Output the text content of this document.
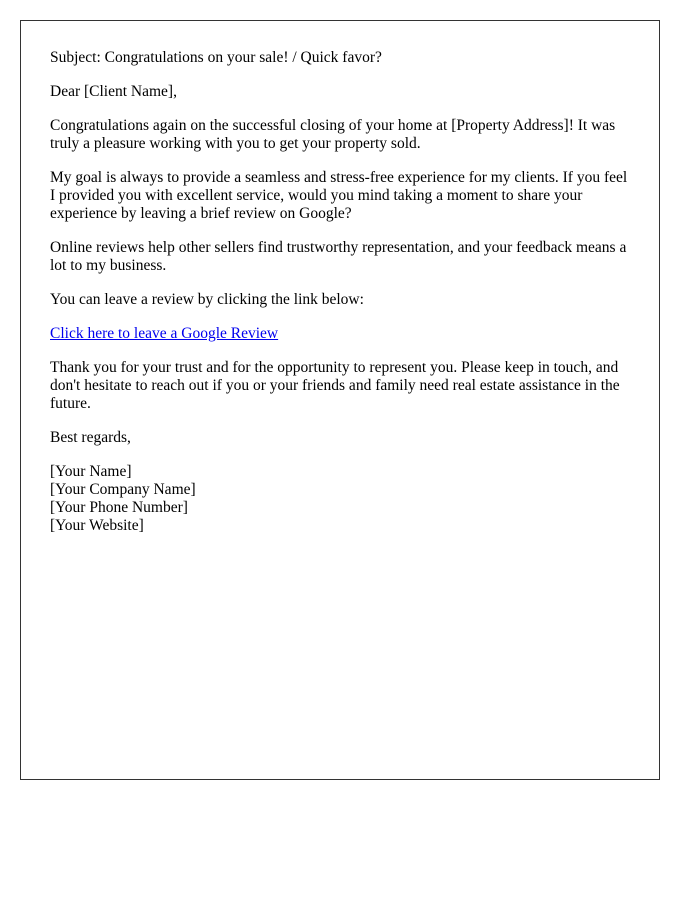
Subject: Congratulations on your sale! / Quick favor?

Dear [Client Name],

Congratulations again on the successful closing of your home at [Property Address]! It was truly a pleasure working with you to get your property sold.

My goal is always to provide a seamless and stress-free experience for my clients. If you feel I provided you with excellent service, would you mind taking a moment to share your experience by leaving a brief review on Google?

Online reviews help other sellers find trustworthy representation, and your feedback means a lot to my business.

You can leave a review by clicking the link below:

Click here to leave a Google Review

Thank you for your trust and for the opportunity to represent you. Please keep in touch, and don't hesitate to reach out if you or your friends and family need real estate assistance in the future.

Best regards,

[Your Name]
[Your Company Name]
[Your Phone Number]
[Your Website]
